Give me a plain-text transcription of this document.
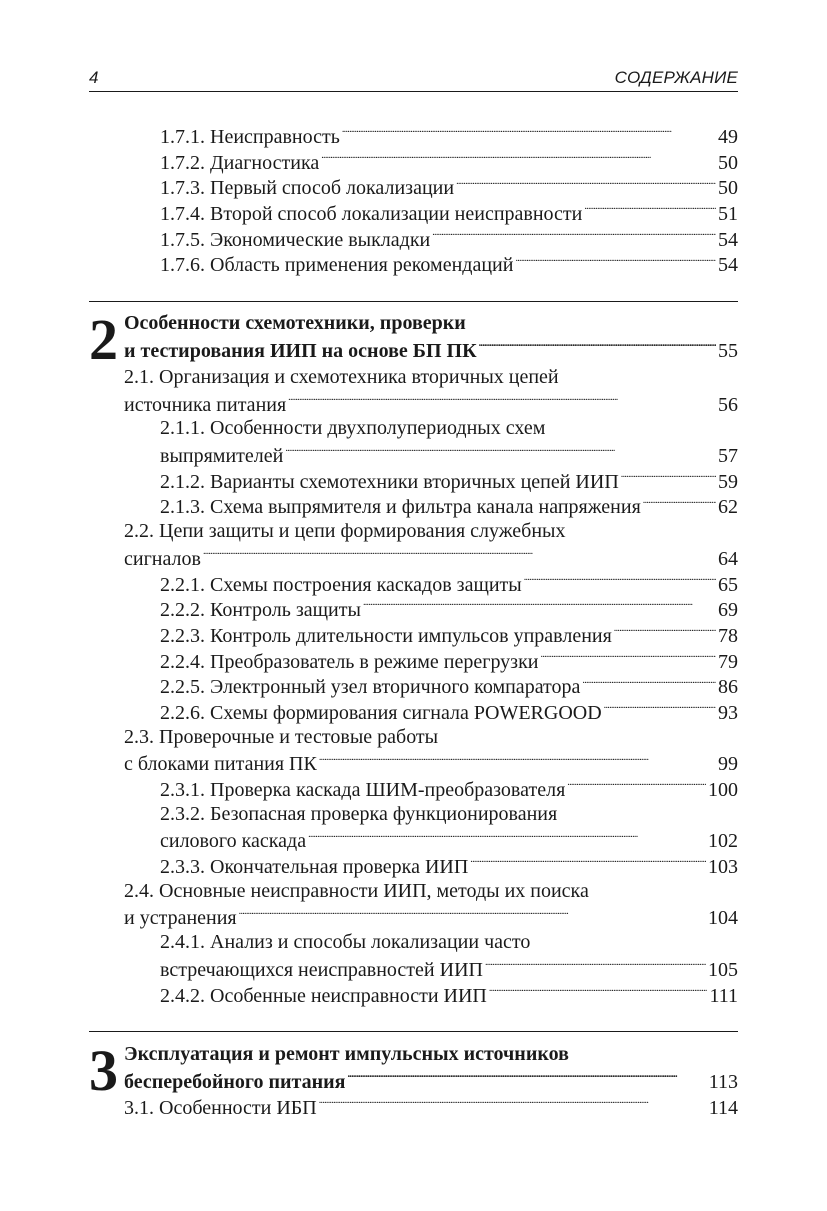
4	СОДЕРЖАНИЕ
1.7.1. Неисправность . . .	49
1.7.2. Диагностика . . .	50
1.7.3. Первый способ локализации . . .	50
1.7.4. Второй способ локализации неисправности . . .	51
1.7.5. Экономические выкладки . . .	54
1.7.6. Область применения рекомендаций . . .	54
2 Особенности схемотехники, проверки
и тестирования ИИП на основе БП ПК . . .	55
2.1. Организация и схемотехника вторичных цепей
источника питания . . .	56
2.1.1. Особенности двухполупериодных схем
выпрямителей . . .	57
2.1.2. Варианты схемотехники вторичных цепей ИИП . . .	59
2.1.3. Схема выпрямителя и фильтра канала напряжения . . .	62
2.2. Цепи защиты и цепи формирования служебных
сигналов . . .	64
2.2.1. Схемы построения каскадов защиты . . .	65
2.2.2. Контроль защиты . . .	69
2.2.3. Контроль длительности импульсов управления . . .	78
2.2.4. Преобразователь в режиме перегрузки . . .	79
2.2.5. Электронный узел вторичного компаратора . . .	86
2.2.6. Схемы формирования сигнала POWERGOOD . . .	93
2.3. Проверочные и тестовые работы
с блоками питания ПК . . .	99
2.3.1. Проверка каскада ШИМ-преобразователя . . .	100
2.3.2. Безопасная проверка функционирования
силового каскада . . .	102
2.3.3. Окончательная проверка ИИП . . .	103
2.4. Основные неисправности ИИП, методы их поиска
и устранения . . .	104
2.4.1. Анализ и способы локализации часто
встречающихся неисправностей ИИП . . .	105
2.4.2. Особенные неисправности ИИП . . .	111
3 Эксплуатация и ремонт импульсных источников
бесперебойного питания . . .	113
3.1. Особенности ИБП . . .	114
